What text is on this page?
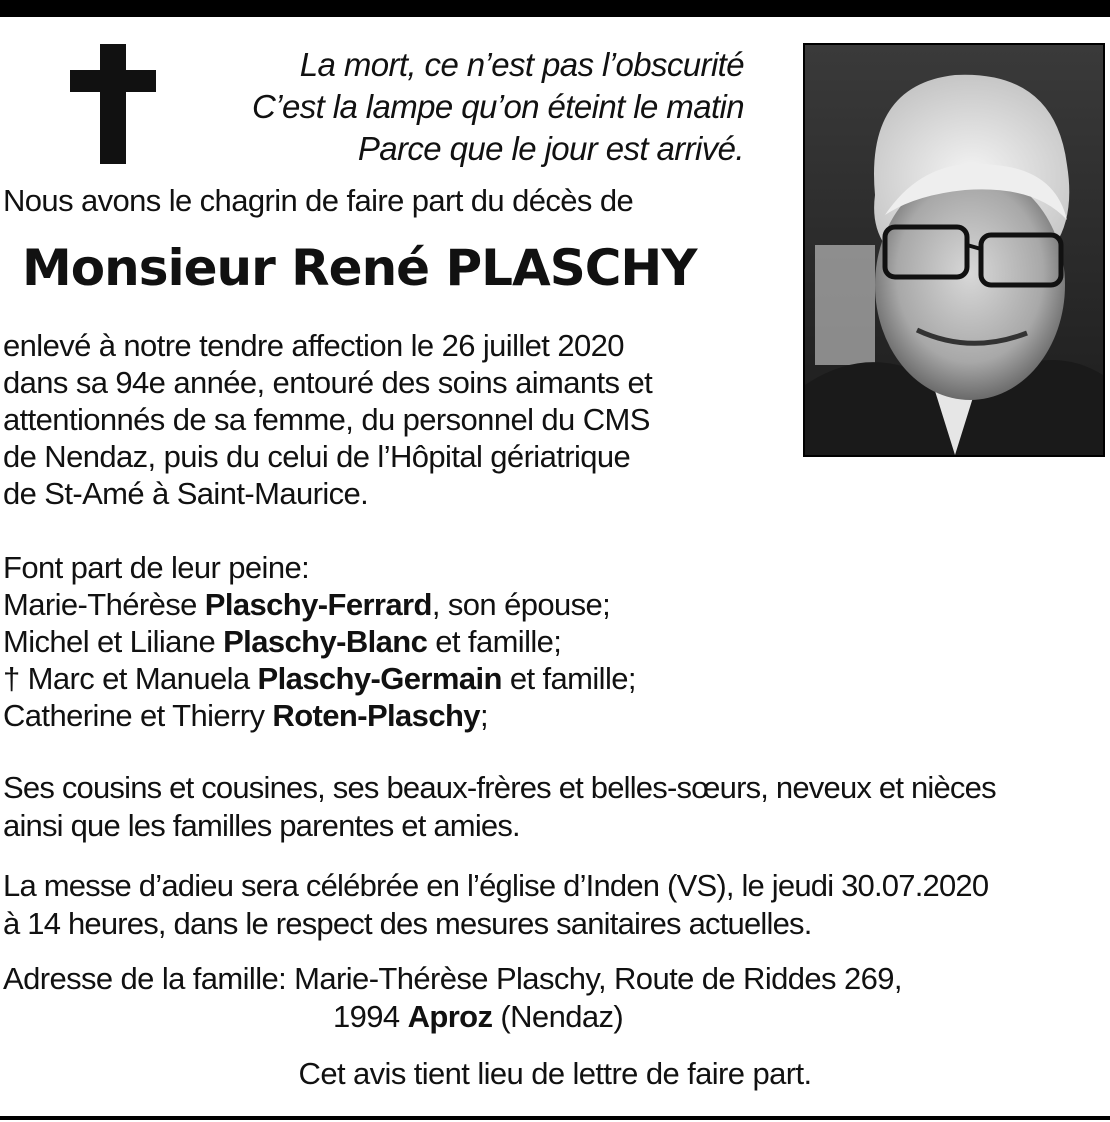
La mort, ce n’est pas l’obscurité
C’est la lampe qu’on éteint le matin
Parce que le jour est arrivé.

Nous avons le chagrin de faire part du décès de

Monsieur René PLASCHY

enlevé à notre tendre affection le 26 juillet 2020
dans sa 94e année, entouré des soins aimants et
attentionnés de sa femme, du personnel du CMS
de Nendaz, puis du celui de l’Hôpital gériatrique
de St-Amé à Saint-Maurice.

Font part de leur peine:
Marie-Thérèse Plaschy-Ferrard, son épouse;
Michel et Liliane Plaschy-Blanc et famille;
† Marc et Manuela Plaschy-Germain et famille;
Catherine et Thierry Roten-Plaschy;

Ses cousins et cousines, ses beaux-frères et belles-sœurs, neveux et nièces
ainsi que les familles parentes et amies.

La messe d’adieu sera célébrée en l’église d’Inden (VS), le jeudi 30.07.2020
à 14 heures, dans le respect des mesures sanitaires actuelles.

Adresse de la famille: Marie-Thérèse Plaschy, Route de Riddes 269,
1994 Aproz (Nendaz)

Cet avis tient lieu de lettre de faire part.
